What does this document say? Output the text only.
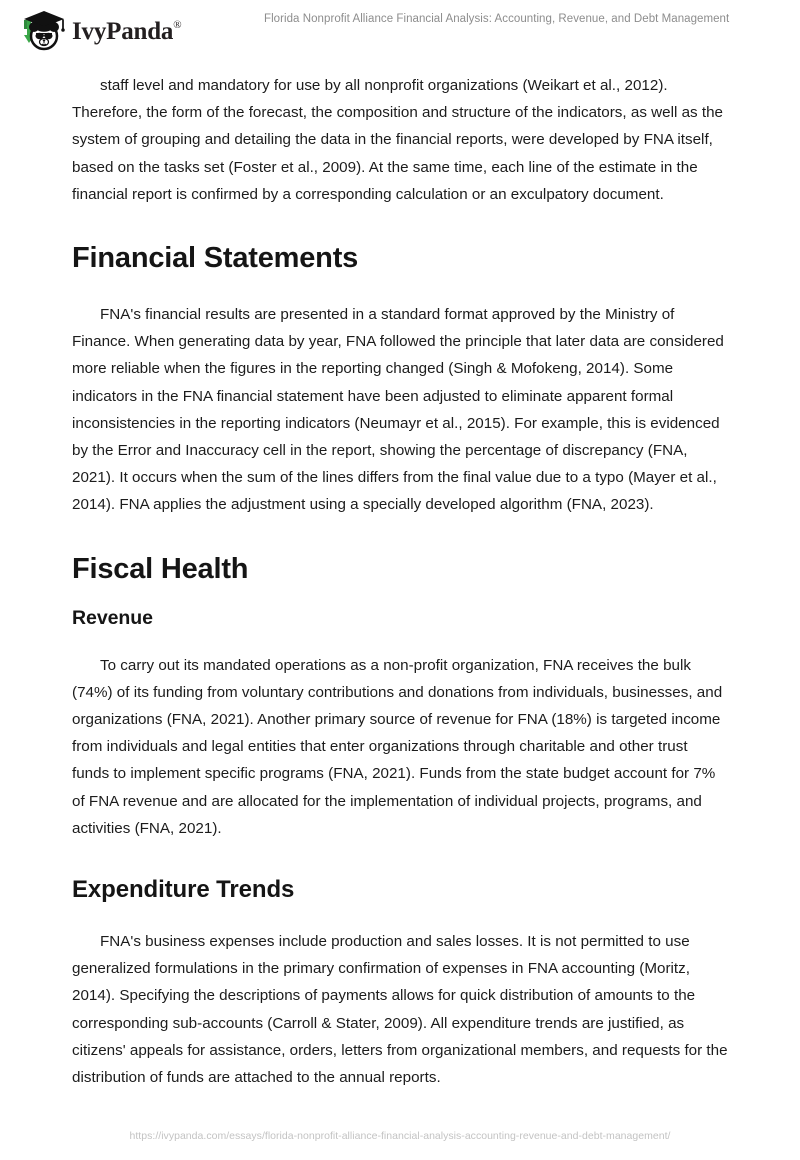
IvyPanda®
Florida Nonprofit Alliance Financial Analysis: Accounting, Revenue, and Debt Management

staff level and mandatory for use by all nonprofit organizations (Weikart et al., 2012). Therefore, the form of the forecast, the composition and structure of the indicators, as well as the system of grouping and detailing the data in the financial reports, were developed by FNA itself, based on the tasks set (Foster et al., 2009). At the same time, each line of the estimate in the financial report is confirmed by a corresponding calculation or an exculpatory document.

Financial Statements

FNA's financial results are presented in a standard format approved by the Ministry of Finance. When generating data by year, FNA followed the principle that later data are considered more reliable when the figures in the reporting changed (Singh & Mofokeng, 2014). Some indicators in the FNA financial statement have been adjusted to eliminate apparent formal inconsistencies in the reporting indicators (Neumayr et al., 2015). For example, this is evidenced by the Error and Inaccuracy cell in the report, showing the percentage of discrepancy (FNA, 2021). It occurs when the sum of the lines differs from the final value due to a typo (Mayer et al., 2014). FNA applies the adjustment using a specially developed algorithm (FNA, 2023).

Fiscal Health
Revenue

To carry out its mandated operations as a non-profit organization, FNA receives the bulk (74%) of its funding from voluntary contributions and donations from individuals, businesses, and organizations (FNA, 2021). Another primary source of revenue for FNA (18%) is targeted income from individuals and legal entities that enter organizations through charitable and other trust funds to implement specific programs (FNA, 2021). Funds from the state budget account for 7% of FNA revenue and are allocated for the implementation of individual projects, programs, and activities (FNA, 2021).

Expenditure Trends

FNA's business expenses include production and sales losses. It is not permitted to use generalized formulations in the primary confirmation of expenses in FNA accounting (Moritz, 2014). Specifying the descriptions of payments allows for quick distribution of amounts to the corresponding sub-accounts (Carroll & Stater, 2009). All expenditure trends are justified, as citizens' appeals for assistance, orders, letters from organizational members, and requests for the distribution of funds are attached to the annual reports.

https://ivypanda.com/essays/florida-nonprofit-alliance-financial-analysis-accounting-revenue-and-debt-management/
